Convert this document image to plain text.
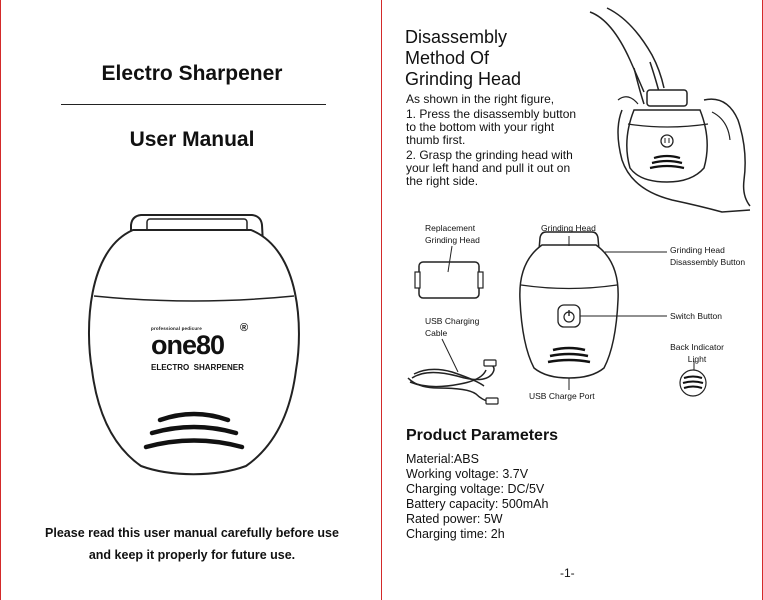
Electro Sharpener
User Manual
professional pedicure
one80
®
ELECTRO  SHARPENER
Please read this user manual carefully before use
and keep it properly for future use.
Disassembly
Method Of
Grinding Head
As shown in the right figure,
1. Press the disassembly button
to the bottom with your right
thumb first.
2. Grasp the grinding head with
your left hand and pull it out on
the right side.
Replacement
Grinding Head
Grinding Head
Grinding Head
Disassembly Button
USB Charging
Cable
Switch Button
Back Indicator
Light
USB Charge Port
Product Parameters
Material:ABS
Working voltage: 3.7V
Charging voltage: DC/5V
Battery capacity: 500mAh
Rated power: 5W
Charging time: 2h
-1-
